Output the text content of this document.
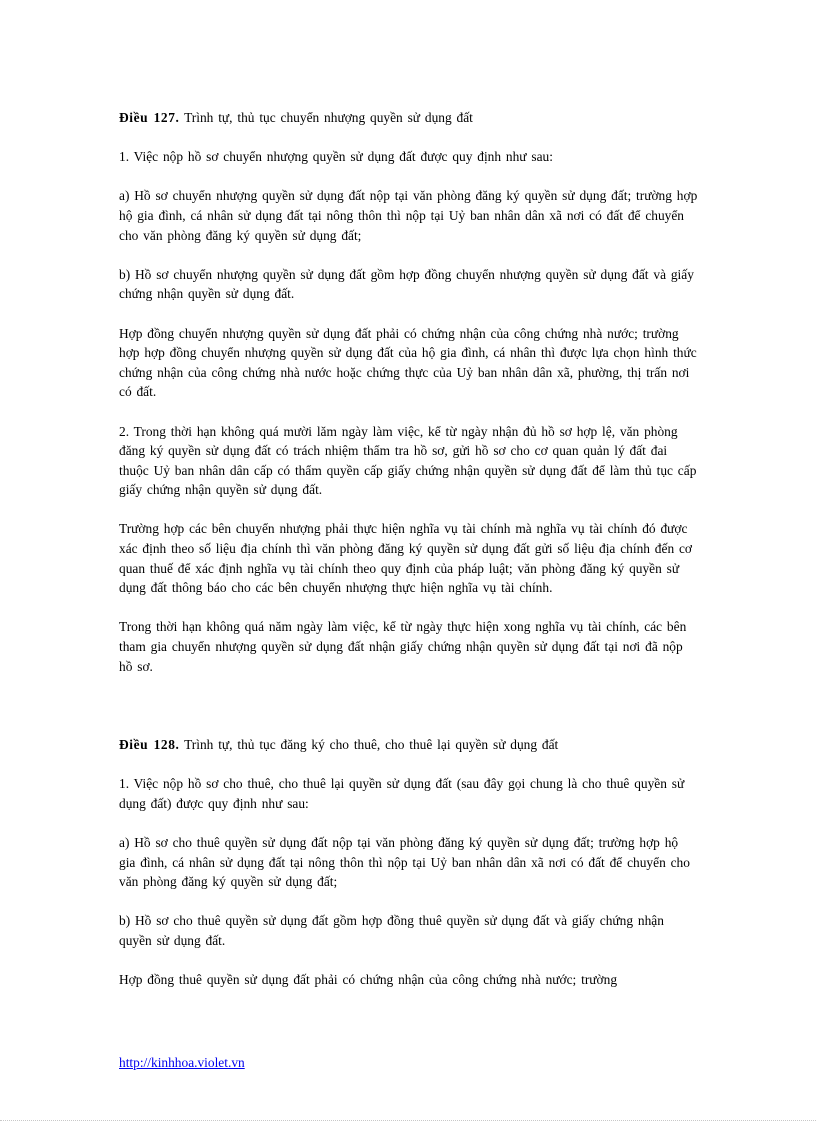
Điều 127. Trình tự, thủ tục chuyển nhượng quyền sử dụng đất

1. Việc nộp hồ sơ chuyển nhượng quyền sử dụng đất được quy định như sau:

a) Hồ sơ chuyển nhượng quyền sử dụng đất nộp tại văn phòng đăng ký quyền sử dụng đất; trường hợp hộ gia đình, cá nhân sử dụng đất tại nông thôn thì nộp tại Uỷ ban nhân dân xã nơi có đất để chuyển cho văn phòng đăng ký quyền sử dụng đất;

b) Hồ sơ chuyển nhượng quyền sử dụng đất gồm hợp đồng chuyển nhượng quyền sử dụng đất và giấy chứng nhận quyền sử dụng đất.

Hợp đồng chuyển nhượng quyền sử dụng đất phải có chứng nhận của công chứng nhà nước; trường hợp hợp đồng chuyển nhượng quyền sử dụng đất của hộ gia đình, cá nhân thì được lựa chọn hình thức chứng nhận của công chứng nhà nước hoặc chứng thực của Uỷ ban nhân dân xã, phường, thị trấn nơi có đất.

2. Trong thời hạn không quá mười lăm ngày làm việc, kể từ ngày nhận đủ hồ sơ hợp lệ, văn phòng đăng ký quyền sử dụng đất có trách nhiệm thẩm tra hồ sơ, gửi hồ sơ cho cơ quan quản lý đất đai thuộc Uỷ ban nhân dân cấp có thẩm quyền cấp giấy chứng nhận quyền sử dụng đất để làm thủ tục cấp giấy chứng nhận quyền sử dụng đất.

Trường hợp các bên chuyển nhượng phải thực hiện nghĩa vụ tài chính mà nghĩa vụ tài chính đó được xác định theo số liệu địa chính thì văn phòng đăng ký quyền sử dụng đất gửi số liệu địa chính đến cơ quan thuế để xác định nghĩa vụ tài chính theo quy định của pháp luật; văn phòng đăng ký quyền sử dụng đất thông báo cho các bên chuyển nhượng thực hiện nghĩa vụ tài chính.

Trong thời hạn không quá năm ngày làm việc, kể từ ngày thực hiện xong nghĩa vụ tài chính, các bên tham gia chuyển nhượng quyền sử dụng đất nhận giấy chứng nhận quyền sử dụng đất tại nơi đã nộp hồ sơ.

Điều 128. Trình tự, thủ tục đăng ký cho thuê, cho thuê lại quyền sử dụng đất

1. Việc nộp hồ sơ cho thuê, cho thuê lại quyền sử dụng đất (sau đây gọi chung là cho thuê quyền sử dụng đất) được quy định như sau:

a) Hồ sơ cho thuê quyền sử dụng đất nộp tại văn phòng đăng ký quyền sử dụng đất; trường hợp hộ gia đình, cá nhân sử dụng đất tại nông thôn thì nộp tại Uỷ ban nhân dân xã nơi có đất để chuyển cho văn phòng đăng ký quyền sử dụng đất;

b) Hồ sơ cho thuê quyền sử dụng đất gồm hợp đồng thuê quyền sử dụng đất và giấy chứng nhận quyền sử dụng đất.

Hợp đồng thuê quyền sử dụng đất phải có chứng nhận của công chứng nhà nước; trường

http://kinhhoa.violet.vn
